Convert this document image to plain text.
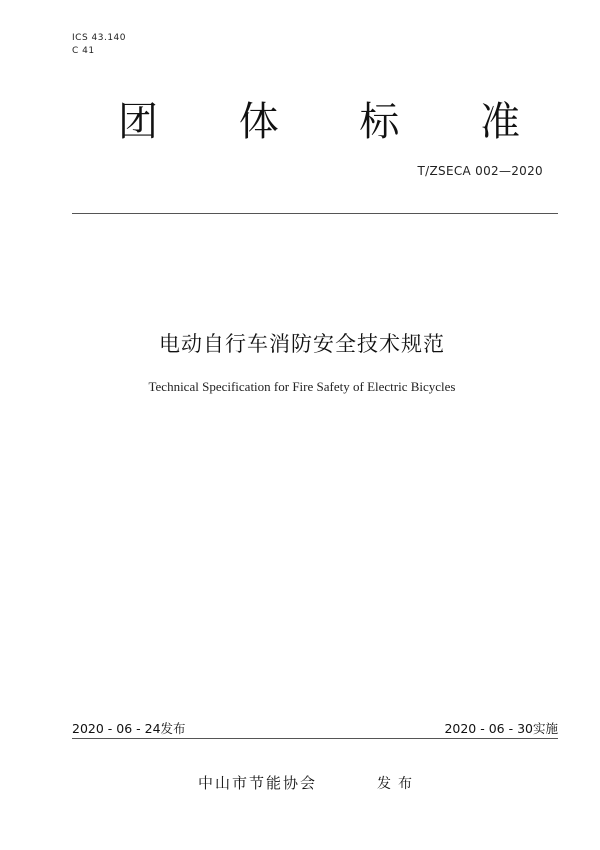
ICS 43.140
C 41
团 体 标 准
T/ZSECA 002—2020
电动自行车消防安全技术规范
Technical Specification for Fire Safety of Electric Bicycles
2020 - 06 - 24发布	2020 - 06 - 30实施
中山市节能协会	发布
